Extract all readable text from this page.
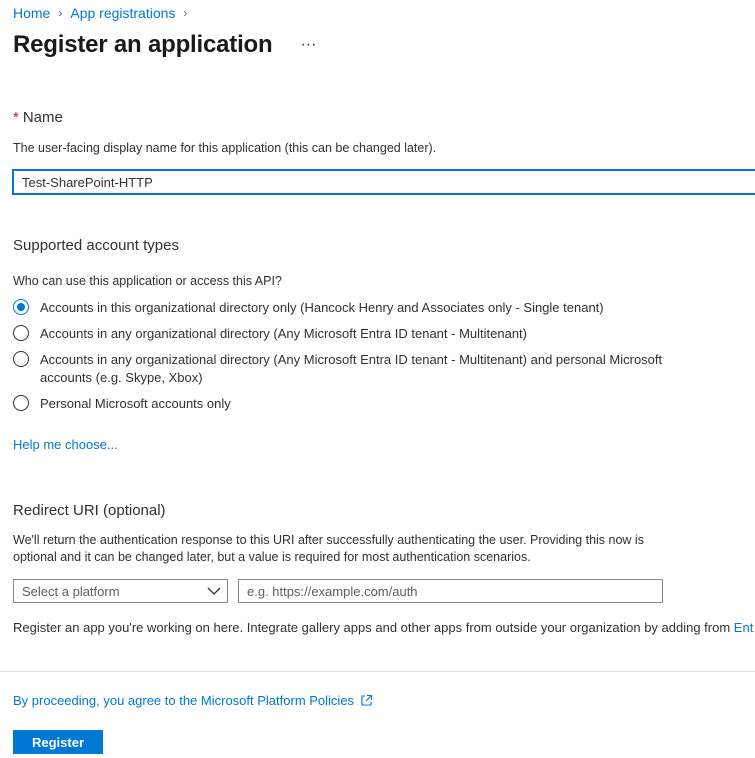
Home › App registrations ›
Register an application ···
* Name
The user-facing display name for this application (this can be changed later).
Test-SharePoint-HTTP
Supported account types
Who can use this application or access this API?
Accounts in this organizational directory only (Hancock Henry and Associates only - Single tenant)
Accounts in any organizational directory (Any Microsoft Entra ID tenant - Multitenant)
Accounts in any organizational directory (Any Microsoft Entra ID tenant - Multitenant) and personal Microsoft accounts (e.g. Skype, Xbox)
Personal Microsoft accounts only
Help me choose...
Redirect URI (optional)
We'll return the authentication response to this URI after successfully authenticating the user. Providing this now is optional and it can be changed later, but a value is required for most authentication scenarios.
Select a platform
e.g. https://example.com/auth
Register an app you're working on here. Integrate gallery apps and other apps from outside your organization by adding from Ent
By proceeding, you agree to the Microsoft Platform Policies
Register
